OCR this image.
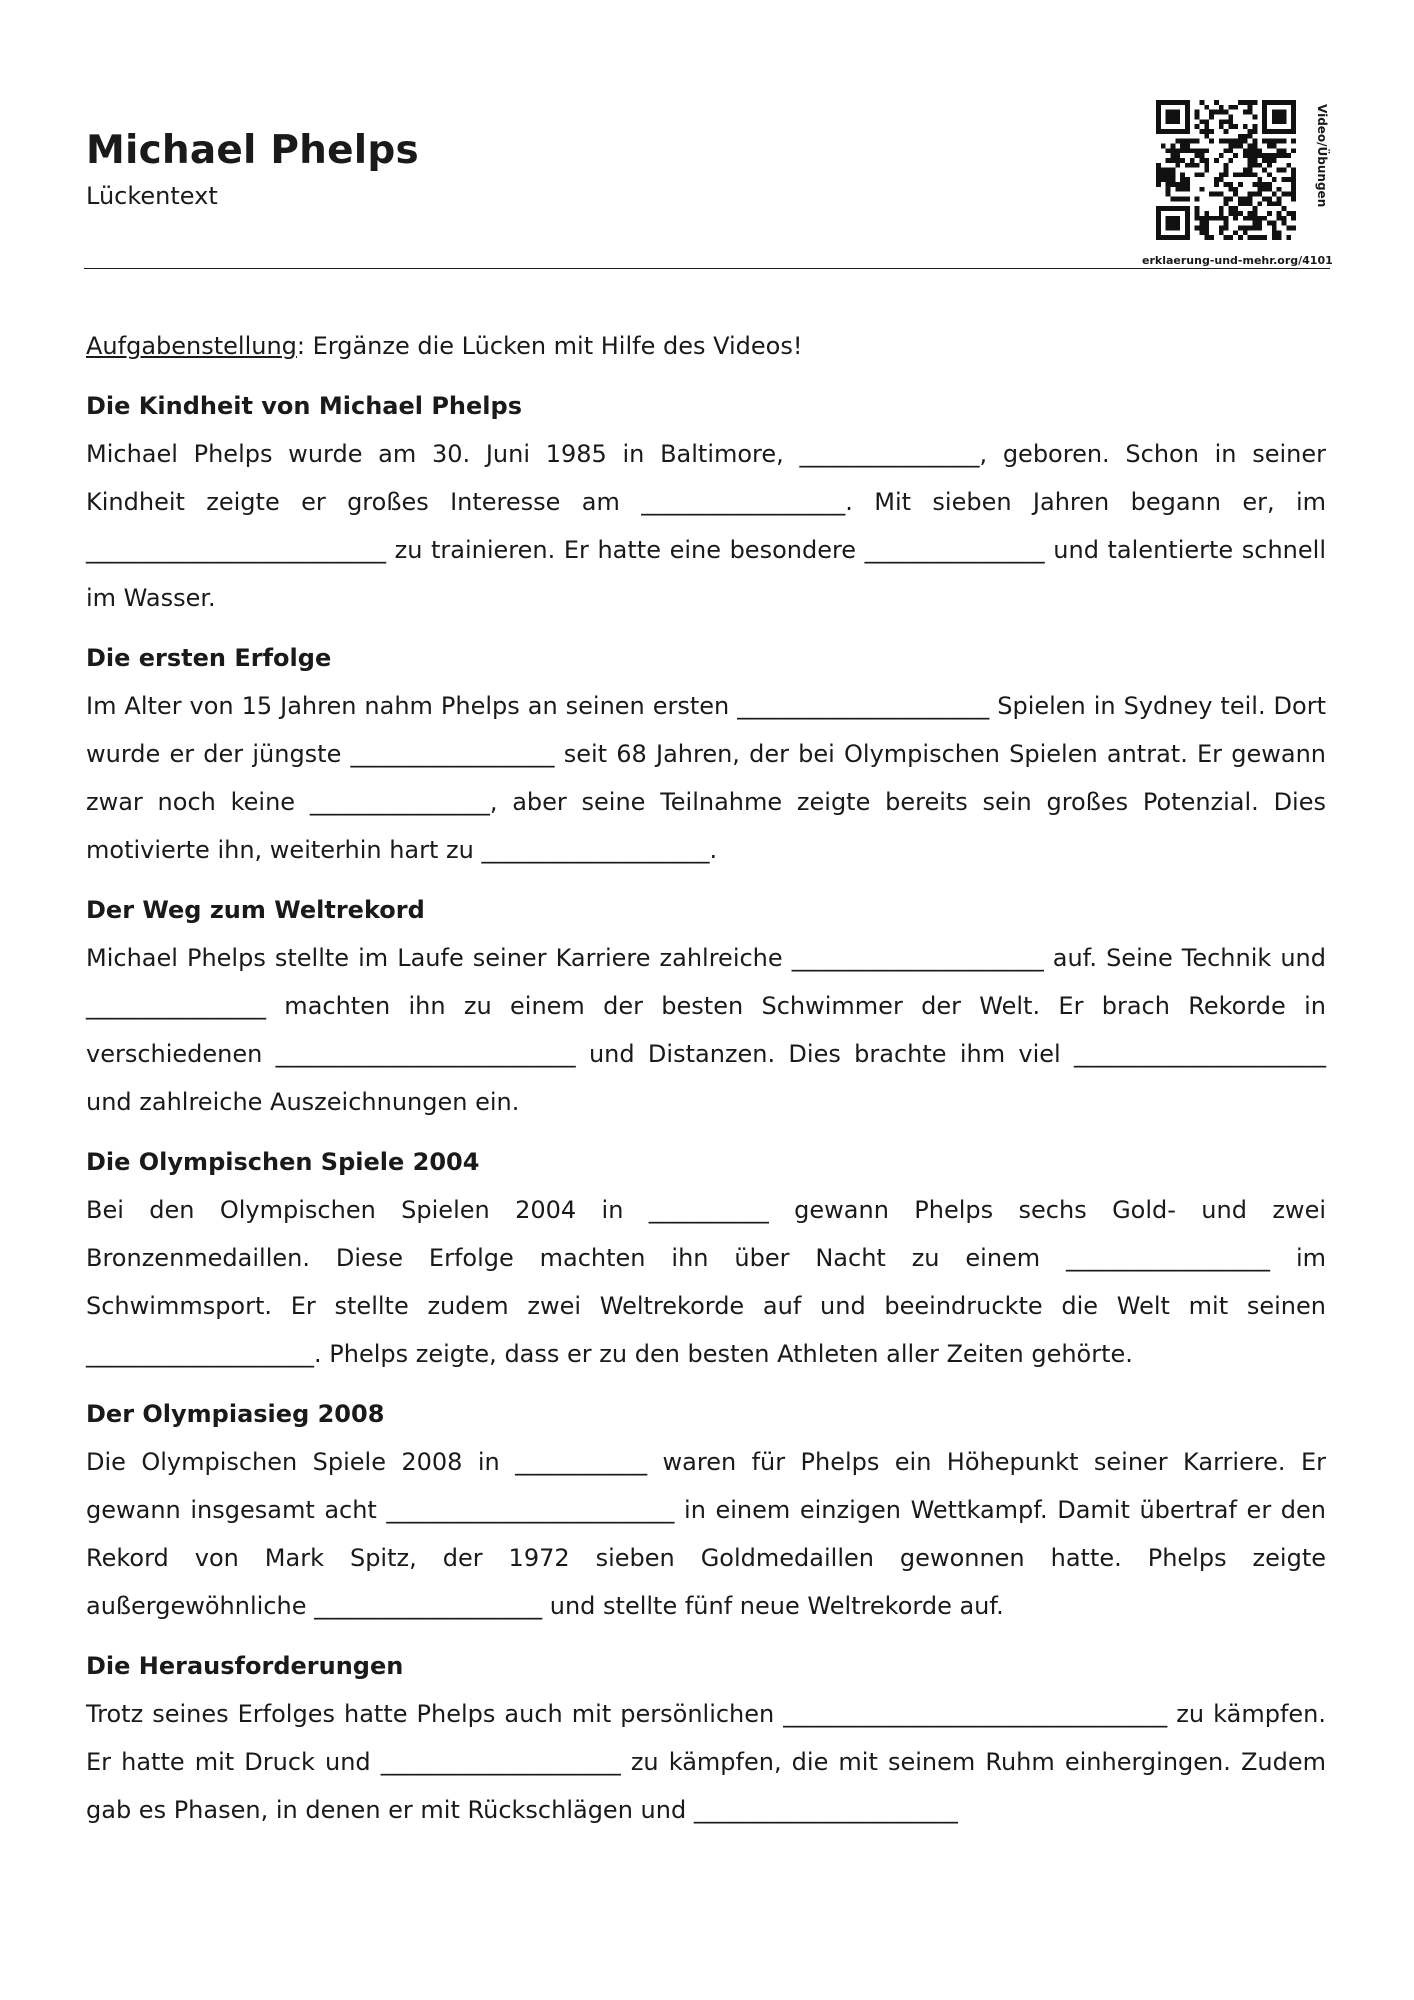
Michael Phelps
Lückentext	Video/Übungen
erklaerung-und-mehr.org/4101

Aufgabenstellung: Ergänze die Lücken mit Hilfe des Videos!

Die Kindheit von Michael Phelps

Michael Phelps wurde am 30. Juni 1985 in Baltimore, _______________, geboren. Schon in seiner Kindheit zeigte er großes Interesse am _________________. Mit sieben Jahren begann er, im _________________________ zu trainieren. Er hatte eine besondere _______________ und talentierte schnell im Wasser.

Die ersten Erfolge

Im Alter von 15 Jahren nahm Phelps an seinen ersten _____________________ Spielen in Sydney teil. Dort wurde er der jüngste _________________ seit 68 Jahren, der bei Olympischen Spielen antrat. Er gewann zwar noch keine _______________, aber seine Teilnahme zeigte bereits sein großes Potenzial. Dies motivierte ihn, weiterhin hart zu ___________________.

Der Weg zum Weltrekord

Michael Phelps stellte im Laufe seiner Karriere zahlreiche _____________________ auf. Seine Technik und _______________ machten ihn zu einem der besten Schwimmer der Welt. Er brach Rekorde in verschiedenen _________________________ und Distanzen. Dies brachte ihm viel _____________________ und zahlreiche Auszeichnungen ein.

Die Olympischen Spiele 2004

Bei den Olympischen Spielen 2004 in __________ gewann Phelps sechs Gold- und zwei Bronzenmedaillen. Diese Erfolge machten ihn über Nacht zu einem _________________ im Schwimmsport. Er stellte zudem zwei Weltrekorde auf und beeindruckte die Welt mit seinen ___________________. Phelps zeigte, dass er zu den besten Athleten aller Zeiten gehörte.

Der Olympiasieg 2008

Die Olympischen Spiele 2008 in ___________ waren für Phelps ein Höhepunkt seiner Karriere. Er gewann insgesamt acht ________________________ in einem einzigen Wettkampf. Damit übertraf er den Rekord von Mark Spitz, der 1972 sieben Goldmedaillen gewonnen hatte. Phelps zeigte außergewöhnliche ___________________ und stellte fünf neue Weltrekorde auf.

Die Herausforderungen

Trotz seines Erfolges hatte Phelps auch mit persönlichen ________________________________ zu kämpfen. Er hatte mit Druck und ____________________ zu kämpfen, die mit seinem Ruhm einhergingen. Zudem gab es Phasen, in denen er mit Rückschlägen und ______________________
